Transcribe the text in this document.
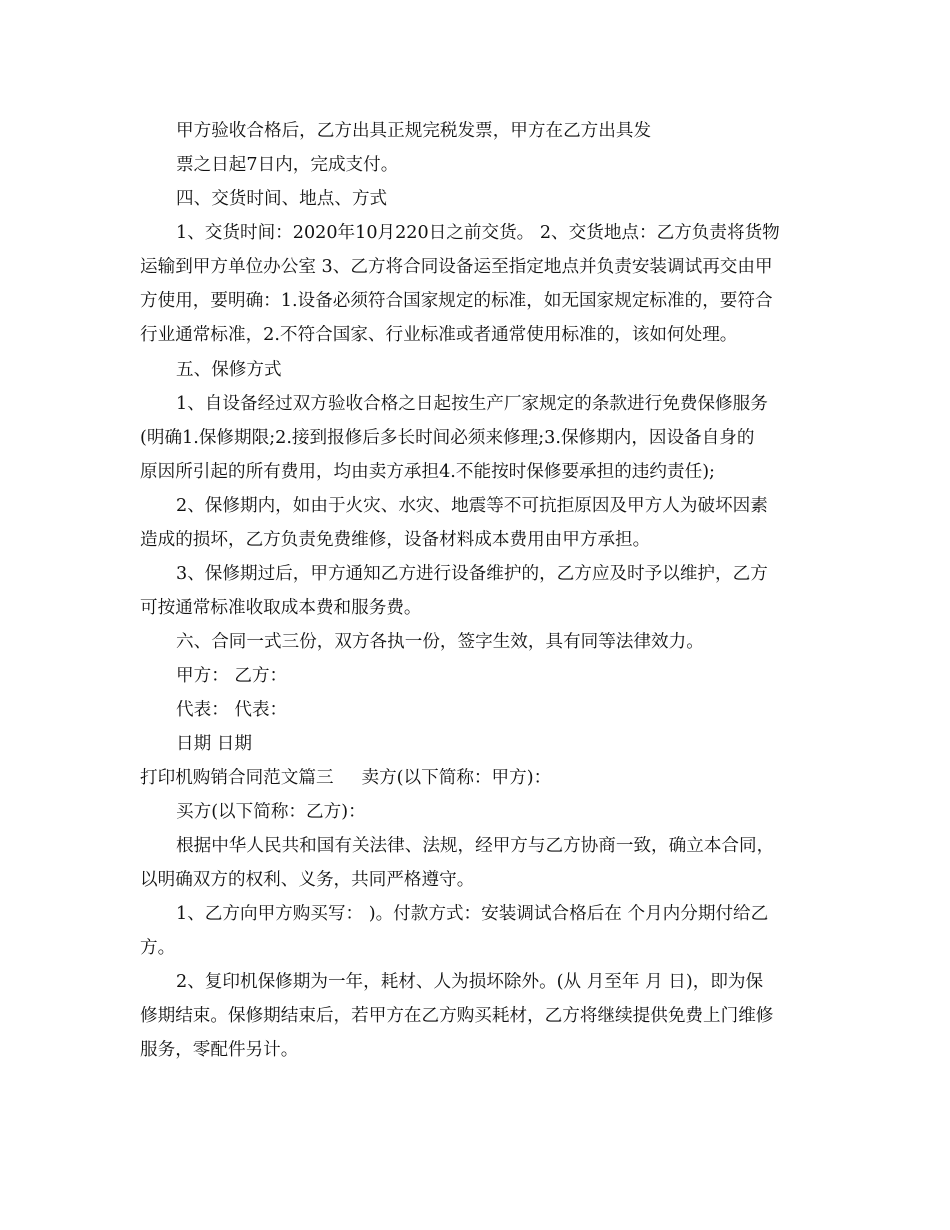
甲方验收合格后，乙方出具正规完税发票，甲方在乙方出具发
票之日起7日内，完成支付。
四、交货时间、地点、方式
1、交货时间：2020年10月220日之前交货。 2、交货地点：乙方负责将货物
运输到甲方单位办公室 3、乙方将合同设备运至指定地点并负责安装调试再交由甲
方使用，要明确：1.设备必须符合国家规定的标准，如无国家规定标准的，要符合
行业通常标准，2.不符合国家、行业标准或者通常使用标准的，该如何处理。
五、保修方式
1、自设备经过双方验收合格之日起按生产厂家规定的条款进行免费保修服务
(明确1.保修期限;2.接到报修后多长时间必须来修理;3.保修期内，因设备自身的
原因所引起的所有费用，均由卖方承担4.不能按时保修要承担的违约责任);
2、保修期内，如由于火灾、水灾、地震等不可抗拒原因及甲方人为破坏因素
造成的损坏，乙方负责免费维修，设备材料成本费用由甲方承担。
3、保修期过后，甲方通知乙方进行设备维护的，乙方应及时予以维护，乙方
可按通常标准收取成本费和服务费。
六、合同一式三份，双方各执一份，签字生效，具有同等法律效力。
甲方： 乙方：
代表： 代表：
日期 日期
打印机购销合同范文篇三     卖方(以下简称：甲方)：
买方(以下简称：乙方)：
根据中华人民共和国有关法律、法规，经甲方与乙方协商一致，确立本合同，
以明确双方的权利、义务，共同严格遵守。
1、乙方向甲方购买写： )。付款方式：安装调试合格后在 个月内分期付给乙
方。
2、复印机保修期为一年，耗材、人为损坏除外。(从 月至年 月 日)，即为保
修期结束。保修期结束后，若甲方在乙方购买耗材，乙方将继续提供免费上门维修
服务，零配件另计。
